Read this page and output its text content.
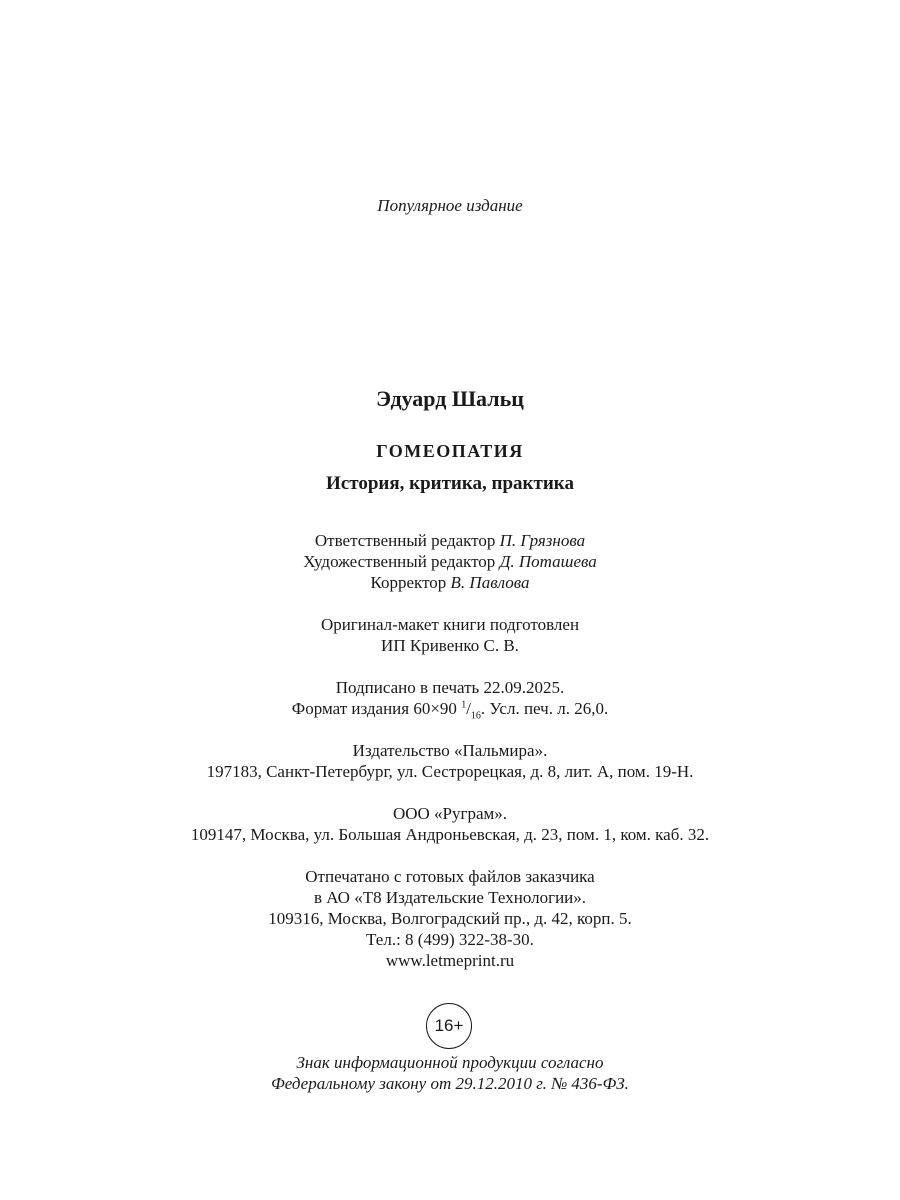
Популярное издание
Эдуард Шальц
ГОМЕОПАТИЯ
История, критика, практика
Ответственный редактор П. Грязнова
Художественный редактор Д. Поташева
Корректор В. Павлова
Оригинал-макет книги подготовлен
ИП Кривенко С. В.
Подписано в печать 22.09.2025.
Формат издания 60×90 $^1/_{16}$. Усл. печ. л. 26,0.
Издательство «Пальмира».
197183, Санкт-Петербург, ул. Сестрорецкая, д. 8, лит. А, пом. 19-Н.
ООО «Руграм».
109147, Москва, ул. Большая Андроньевская, д. 23, пом. 1, ком. каб. 32.
Отпечатано с готовых файлов заказчика
в АО «Т8 Издательские Технологии».
109316, Москва, Волгоградский пр., д. 42, корп. 5.
Тел.: 8 (499) 322-38-30.
www.letmeprint.ru
16+
Знак информационной продукции согласно
Федеральному закону от 29.12.2010 г. № 436-ФЗ.
